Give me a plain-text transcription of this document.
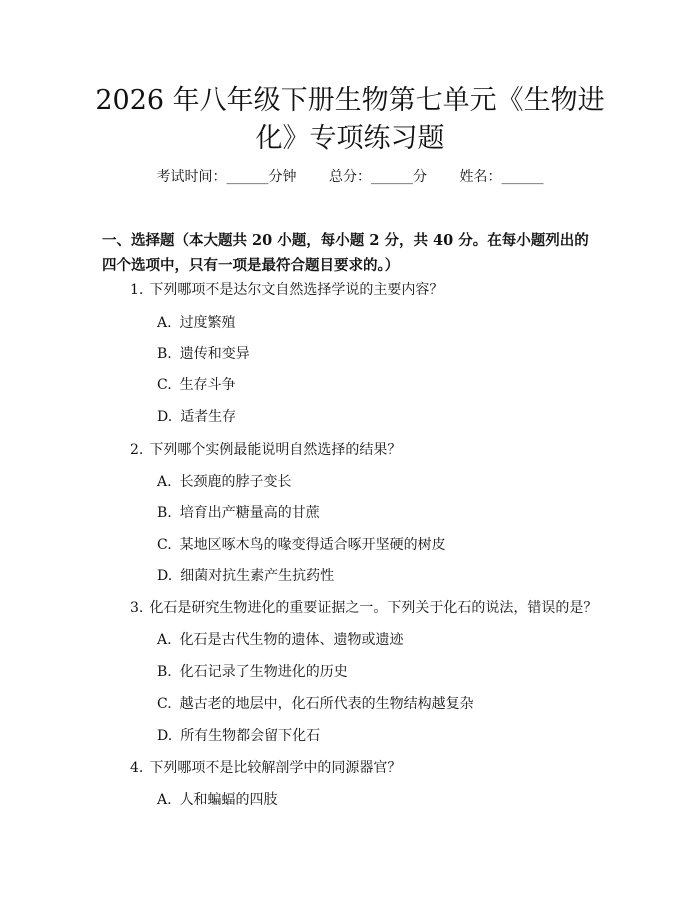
2026 年八年级下册生物第七单元《生物进
化》专项练习题
考试时间：______分钟 总分：______分 姓名：______

一、选择题（本大题共 20 小题，每小题 2 分，共 40 分。在每小题列出的四个选项中，只有一项是最符合题目要求的。）

1. 下列哪项不是达尔文自然选择学说的主要内容？
A. 过度繁殖
B. 遗传和变异
C. 生存斗争
D. 适者生存
2. 下列哪个实例最能说明自然选择的结果？
A. 长颈鹿的脖子变长
B. 培育出产糖量高的甘蔗
C. 某地区啄木鸟的喙变得适合啄开坚硬的树皮
D. 细菌对抗生素产生抗药性
3. 化石是研究生物进化的重要证据之一。下列关于化石的说法，错误的是？
A. 化石是古代生物的遗体、遗物或遗迹
B. 化石记录了生物进化的历史
C. 越古老的地层中，化石所代表的生物结构越复杂
D. 所有生物都会留下化石
4. 下列哪项不是比较解剖学中的同源器官？
A. 人和蝙蝠的四肢
